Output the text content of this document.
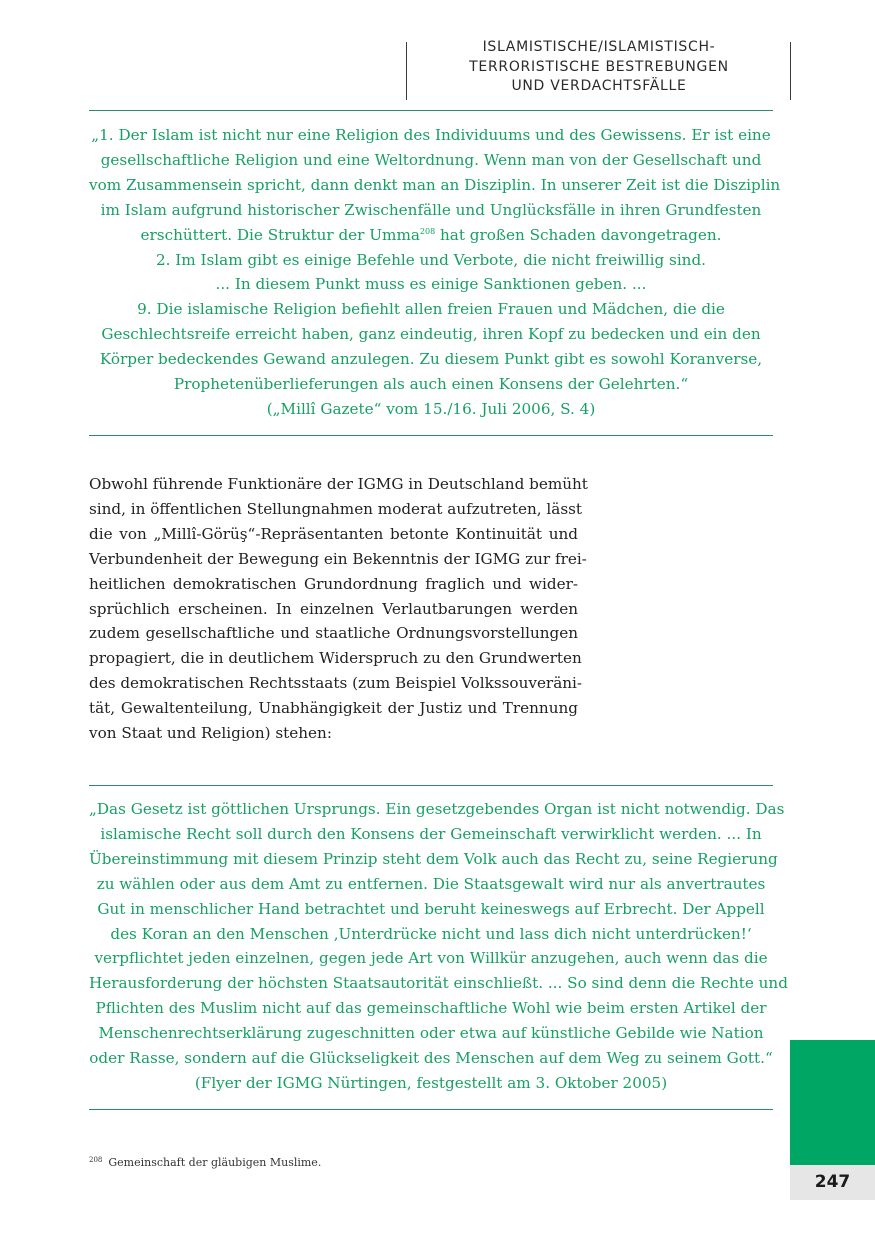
ISLAMISTISCHE/ISLAMISTISCH-
TERRORISTISCHE BESTREBUNGEN
UND VERDACHTSFÄLLE
„1. Der Islam ist nicht nur eine Religion des Individuums und des Gewissens. Er ist eine
gesellschaftliche Religion und eine Weltordnung. Wenn man von der Gesellschaft und
vom Zusammensein spricht, dann denkt man an Disziplin. In unserer Zeit ist die Disziplin
im Islam aufgrund historischer Zwischenfälle und Unglücksfälle in ihren Grundfesten
erschüttert. Die Struktur der Umma$^{208}$ hat großen Schaden davongetragen.
2. Im Islam gibt es einige Befehle und Verbote, die nicht freiwillig sind.
... In diesem Punkt muss es einige Sanktionen geben. ...
9. Die islamische Religion befiehlt allen freien Frauen und Mädchen, die die
Geschlechtsreife erreicht haben, ganz eindeutig, ihren Kopf zu bedecken und ein den
Körper bedeckendes Gewand anzulegen. Zu diesem Punkt gibt es sowohl Koranverse,
Prophetenüberlieferungen als auch einen Konsens der Gelehrten.“
(„Millî Gazete“ vom 15./16. Juli 2006, S. 4)
Obwohl führende Funktionäre der IGMG in Deutschland bemüht
sind, in öffentlichen Stellungnahmen moderat aufzutreten, lässt
die von „Millî-Görüş“-Repräsentanten betonte Kontinuität und
Verbundenheit der Bewegung ein Bekenntnis der IGMG zur frei-
heitlichen demokratischen Grundordnung fraglich und wider-
sprüchlich erscheinen. In einzelnen Verlautbarungen werden
zudem gesellschaftliche und staatliche Ordnungsvorstellungen
propagiert, die in deutlichem Widerspruch zu den Grundwerten
des demokratischen Rechtsstaats (zum Beispiel Volkssouveräni-
tät, Gewaltenteilung, Unabhängigkeit der Justiz und Trennung
von Staat und Religion) stehen:
„Das Gesetz ist göttlichen Ursprungs. Ein gesetzgebendes Organ ist nicht notwendig. Das
islamische Recht soll durch den Konsens der Gemeinschaft verwirklicht werden. ... In
Übereinstimmung mit diesem Prinzip steht dem Volk auch das Recht zu, seine Regierung
zu wählen oder aus dem Amt zu entfernen. Die Staatsgewalt wird nur als anvertrautes
Gut in menschlicher Hand betrachtet und beruht keineswegs auf Erbrecht. Der Appell
des Koran an den Menschen ‚Unterdrücke nicht und lass dich nicht unterdrücken!‘
verpflichtet jeden einzelnen, gegen jede Art von Willkür anzugehen, auch wenn das die
Herausforderung der höchsten Staatsautorität einschließt. ... So sind denn die Rechte und
Pflichten des Muslim nicht auf das gemeinschaftliche Wohl wie beim ersten Artikel der
Menschenrechtserklärung zugeschnitten oder etwa auf künstliche Gebilde wie Nation
oder Rasse, sondern auf die Glückseligkeit des Menschen auf dem Weg zu seinem Gott.“
(Flyer der IGMG Nürtingen, festgestellt am 3. Oktober 2005)
$^{208}$ Gemeinschaft der gläubigen Muslime.
247
